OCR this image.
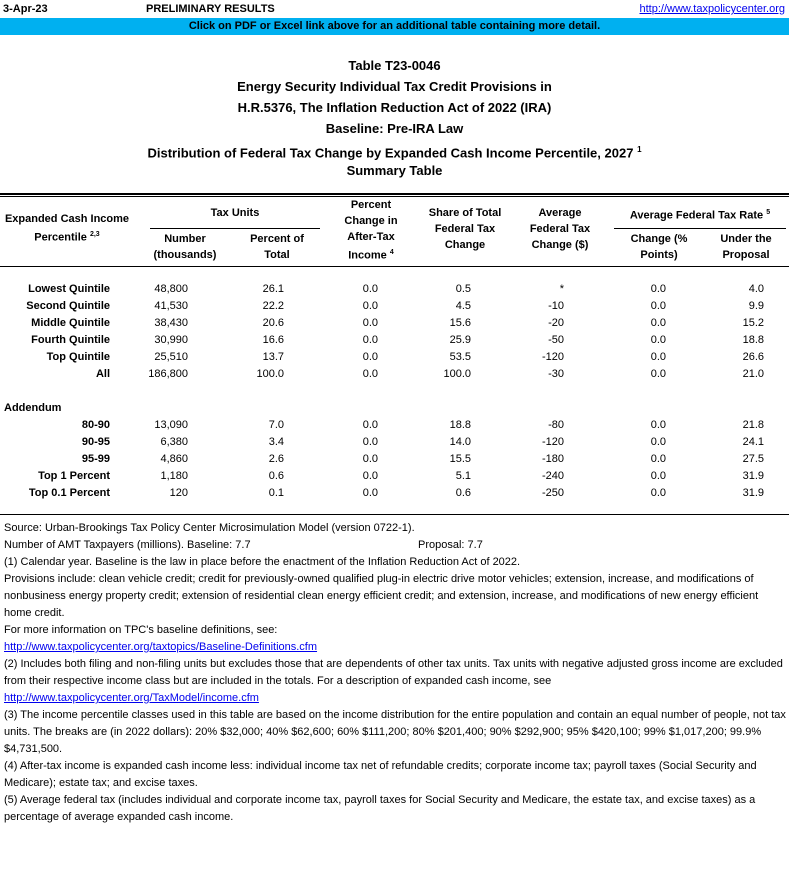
3-Apr-23	PRELIMINARY RESULTS	http://www.taxpolicycenter.org
Click on PDF or Excel link above for an additional table containing more detail.
Table T23-0046
Energy Security Individual Tax Credit Provisions in
H.R.5376, The Inflation Reduction Act of 2022 (IRA)
Baseline: Pre-IRA Law
Distribution of Federal Tax Change by Expanded Cash Income Percentile, 2027 $^1$
Summary Table
Expanded Cash Income
Percentile $^{2,3}$
Tax Units
Number
(thousands)
Percent of
Total
Percent
Change in
After-Tax
Income $^4$
Share of Total
Federal Tax
Change
Average
Federal Tax
Change ($)
Average Federal Tax Rate $^5$
Change (%
Points)
Under the
Proposal
Lowest Quintile	48,800	26.1	0.0	0.5	*	0.0	4.0
Second Quintile	41,530	22.2	0.0	4.5	-10	0.0	9.9
Middle Quintile	38,430	20.6	0.0	15.6	-20	0.0	15.2
Fourth Quintile	30,990	16.6	0.0	25.9	-50	0.0	18.8
Top Quintile	25,510	13.7	0.0	53.5	-120	0.0	26.6
All	186,800	100.0	0.0	100.0	-30	0.0	21.0
Addendum
80-90	13,090	7.0	0.0	18.8	-80	0.0	21.8
90-95	6,380	3.4	0.0	14.0	-120	0.0	24.1
95-99	4,860	2.6	0.0	15.5	-180	0.0	27.5
Top 1 Percent	1,180	0.6	0.0	5.1	-240	0.0	31.9
Top 0.1 Percent	120	0.1	0.0	0.6	-250	0.0	31.9
Source: Urban-Brookings Tax Policy Center Microsimulation Model (version 0722-1).
Number of AMT Taxpayers (millions). Baseline: 7.7	Proposal: 7.7
(1) Calendar year. Baseline is the law in place before the enactment of the Inflation Reduction Act of 2022.
Provisions include: clean vehicle credit; credit for previously-owned qualified plug-in electric drive motor vehicles; extension, increase, and modifications of nonbusiness energy property credit; extension of residential clean energy efficient credit; and extension, increase, and modifications of new energy efficient home credit.
For more information on TPC's baseline definitions, see:
http://www.taxpolicycenter.org/taxtopics/Baseline-Definitions.cfm
(2) Includes both filing and non-filing units but excludes those that are dependents of other tax units. Tax units with negative adjusted gross income are excluded from their respective income class but are included in the totals. For a description of expanded cash income, see
http://www.taxpolicycenter.org/TaxModel/income.cfm
(3) The income percentile classes used in this table are based on the income distribution for the entire population and contain an equal number of people, not tax units. The breaks are (in 2022 dollars): 20% $32,000; 40% $62,600; 60% $111,200; 80% $201,400; 90% $292,900; 95% $420,100; 99% $1,017,200; 99.9% $4,731,500.
(4) After-tax income is expanded cash income less: individual income tax net of refundable credits; corporate income tax; payroll taxes (Social Security and Medicare); estate tax; and excise taxes.
(5) Average federal tax (includes individual and corporate income tax, payroll taxes for Social Security and Medicare, the estate tax, and excise taxes) as a percentage of average expanded cash income.
